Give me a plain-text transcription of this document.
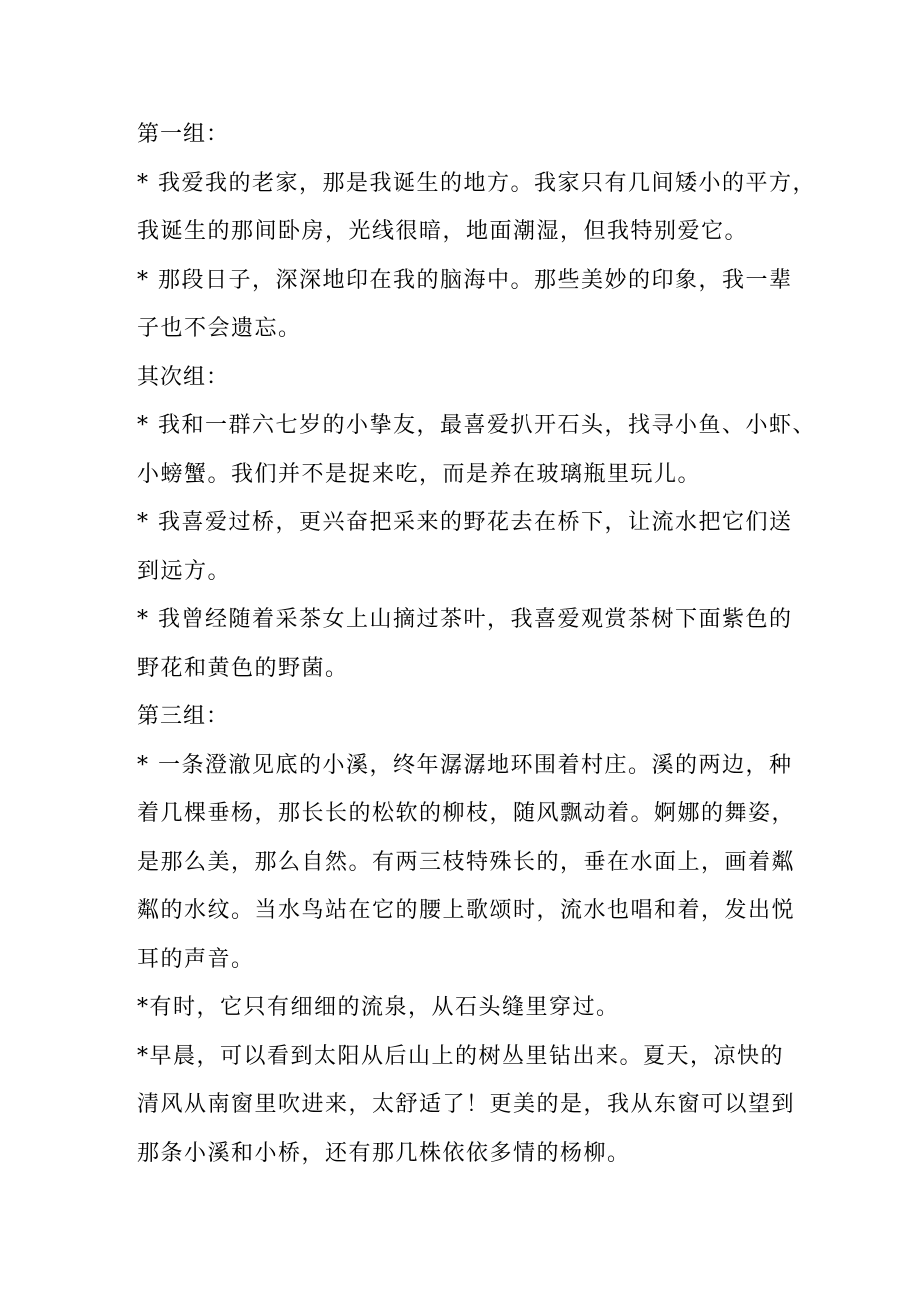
第一组：
* 我爱我的老家，那是我诞生的地方。我家只有几间矮小的平方，
我诞生的那间卧房，光线很暗，地面潮湿，但我特别爱它。
* 那段日子，深深地印在我的脑海中。那些美妙的印象，我一辈
子也不会遗忘。
其次组：
* 我和一群六七岁的小挚友，最喜爱扒开石头，找寻小鱼、小虾、
小螃蟹。我们并不是捉来吃，而是养在玻璃瓶里玩儿。
* 我喜爱过桥，更兴奋把采来的野花去在桥下，让流水把它们送
到远方。
* 我曾经随着采茶女上山摘过茶叶，我喜爱观赏茶树下面紫色的
野花和黄色的野菌。
第三组：
* 一条澄澈见底的小溪，终年潺潺地环围着村庄。溪的两边，种
着几棵垂杨，那长长的松软的柳枝，随风飘动着。婀娜的舞姿，
是那么美，那么自然。有两三枝特殊长的，垂在水面上，画着粼
粼的水纹。当水鸟站在它的腰上歌颂时，流水也唱和着，发出悦
耳的声音。
*有时，它只有细细的流泉，从石头缝里穿过。
*早晨，可以看到太阳从后山上的树丛里钻出来。夏天，凉快的
清风从南窗里吹进来，太舒适了！更美的是，我从东窗可以望到
那条小溪和小桥，还有那几株依依多情的杨柳。
